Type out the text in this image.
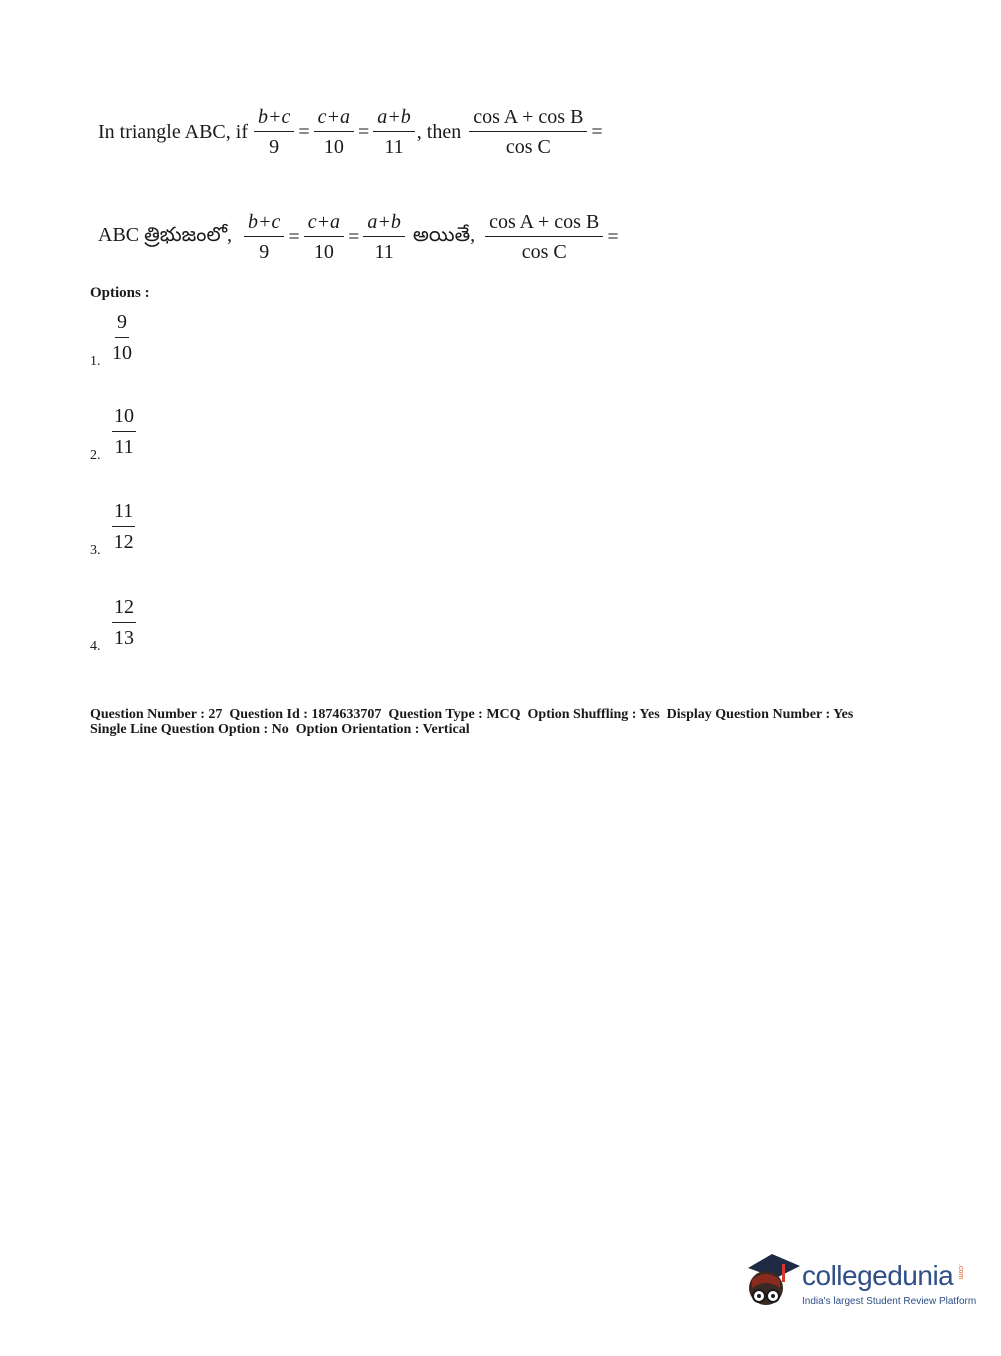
In triangle ABC, if $\frac{b+c}{9} = \frac{c+a}{10} = \frac{a+b}{11}$ , then $\frac{\text{cos A + cos B}}{\text{cos C}}$ =
ABC త్రిభుజంలో, $\frac{b+c}{9} = \frac{c+a}{10} = \frac{a+b}{11}$ అయితే, $\frac{\text{cos A + cos B}}{\text{cos C}}$ =
Options :
1. $\frac{9}{10}$
2. $\frac{10}{11}$
3. $\frac{11}{12}$
4. $\frac{12}{13}$
Question Number : 27  Question Id : 1874633707  Question Type : MCQ  Option Shuffling : Yes  Display Question Number : Yes
Single Line Question Option : No  Option Orientation : Vertical
collegedunia .com
India's largest Student Review Platform
